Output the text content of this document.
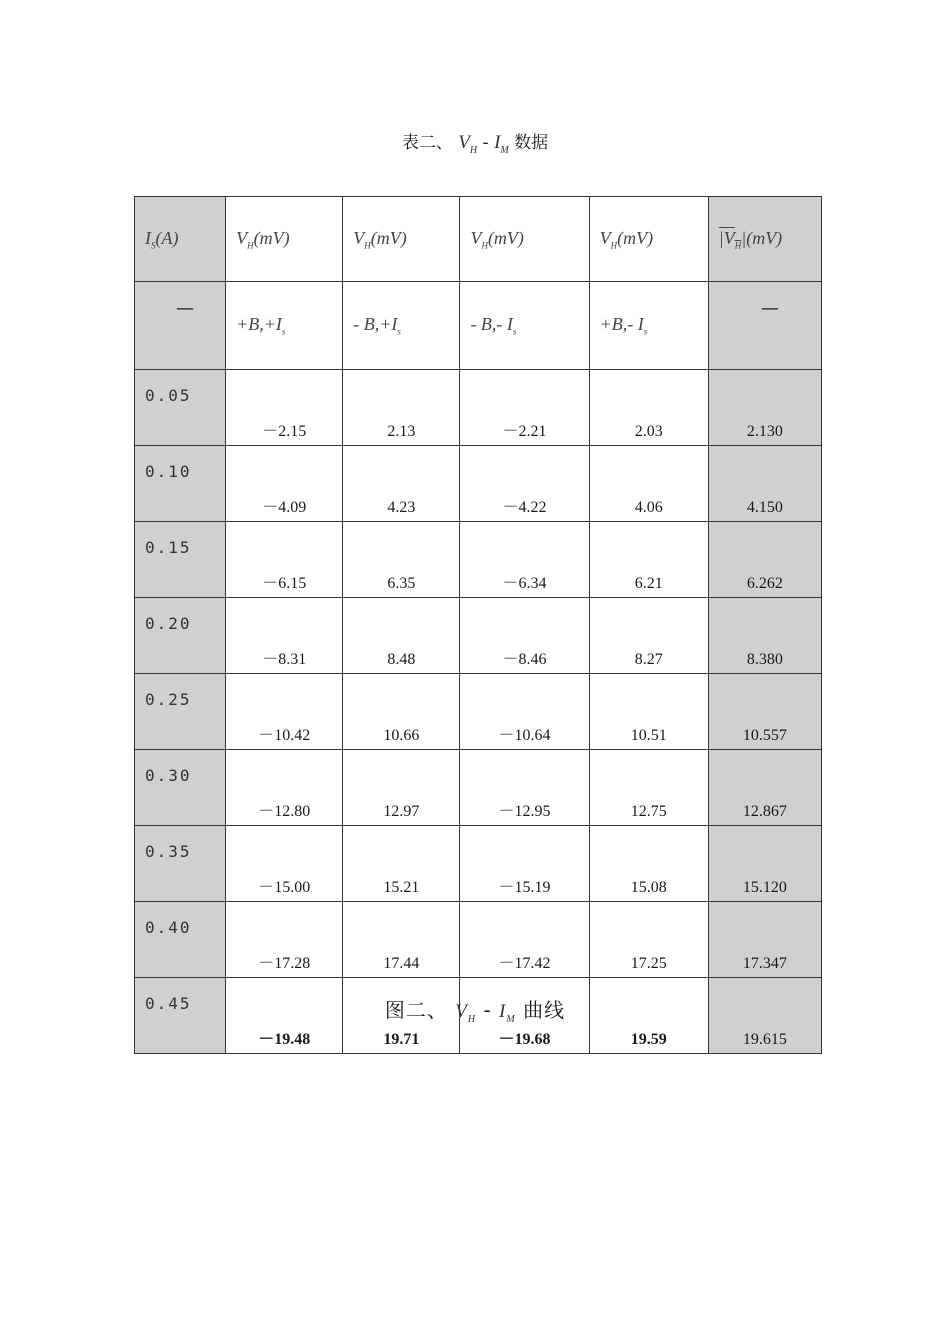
表二、 $V_H - I_M$ 数据
$I_S(A)$	$V_H(mV)$	$V_H(mV)$	$V_H(mV)$	$V_H(mV)$	$|V_H|(mV)$

—	$+B,+I_s$	- $B,+I_s$	- B,- $I_s$	+B,- $I_s$	—

0.05	－2.15	2.13	－2.21	2.03	2.130
0.10	－4.09	4.23	－4.22	4.06	4.150
0.15	－6.15	6.35	－6.34	6.21	6.262
0.20	－8.31	8.48	－8.46	8.27	8.380
0.25	－10.42	10.66	－10.64	10.51	10.557
0.30	－12.80	12.97	－12.95	12.75	12.867
0.35	－15.00	15.21	－15.19	15.08	15.120
0.40	－17.28	17.44	－17.42	17.25	17.347
0.45	－19.48	19.71	－19.68	19.59	19.615
图二、 $V_H - I_M$ 曲线
